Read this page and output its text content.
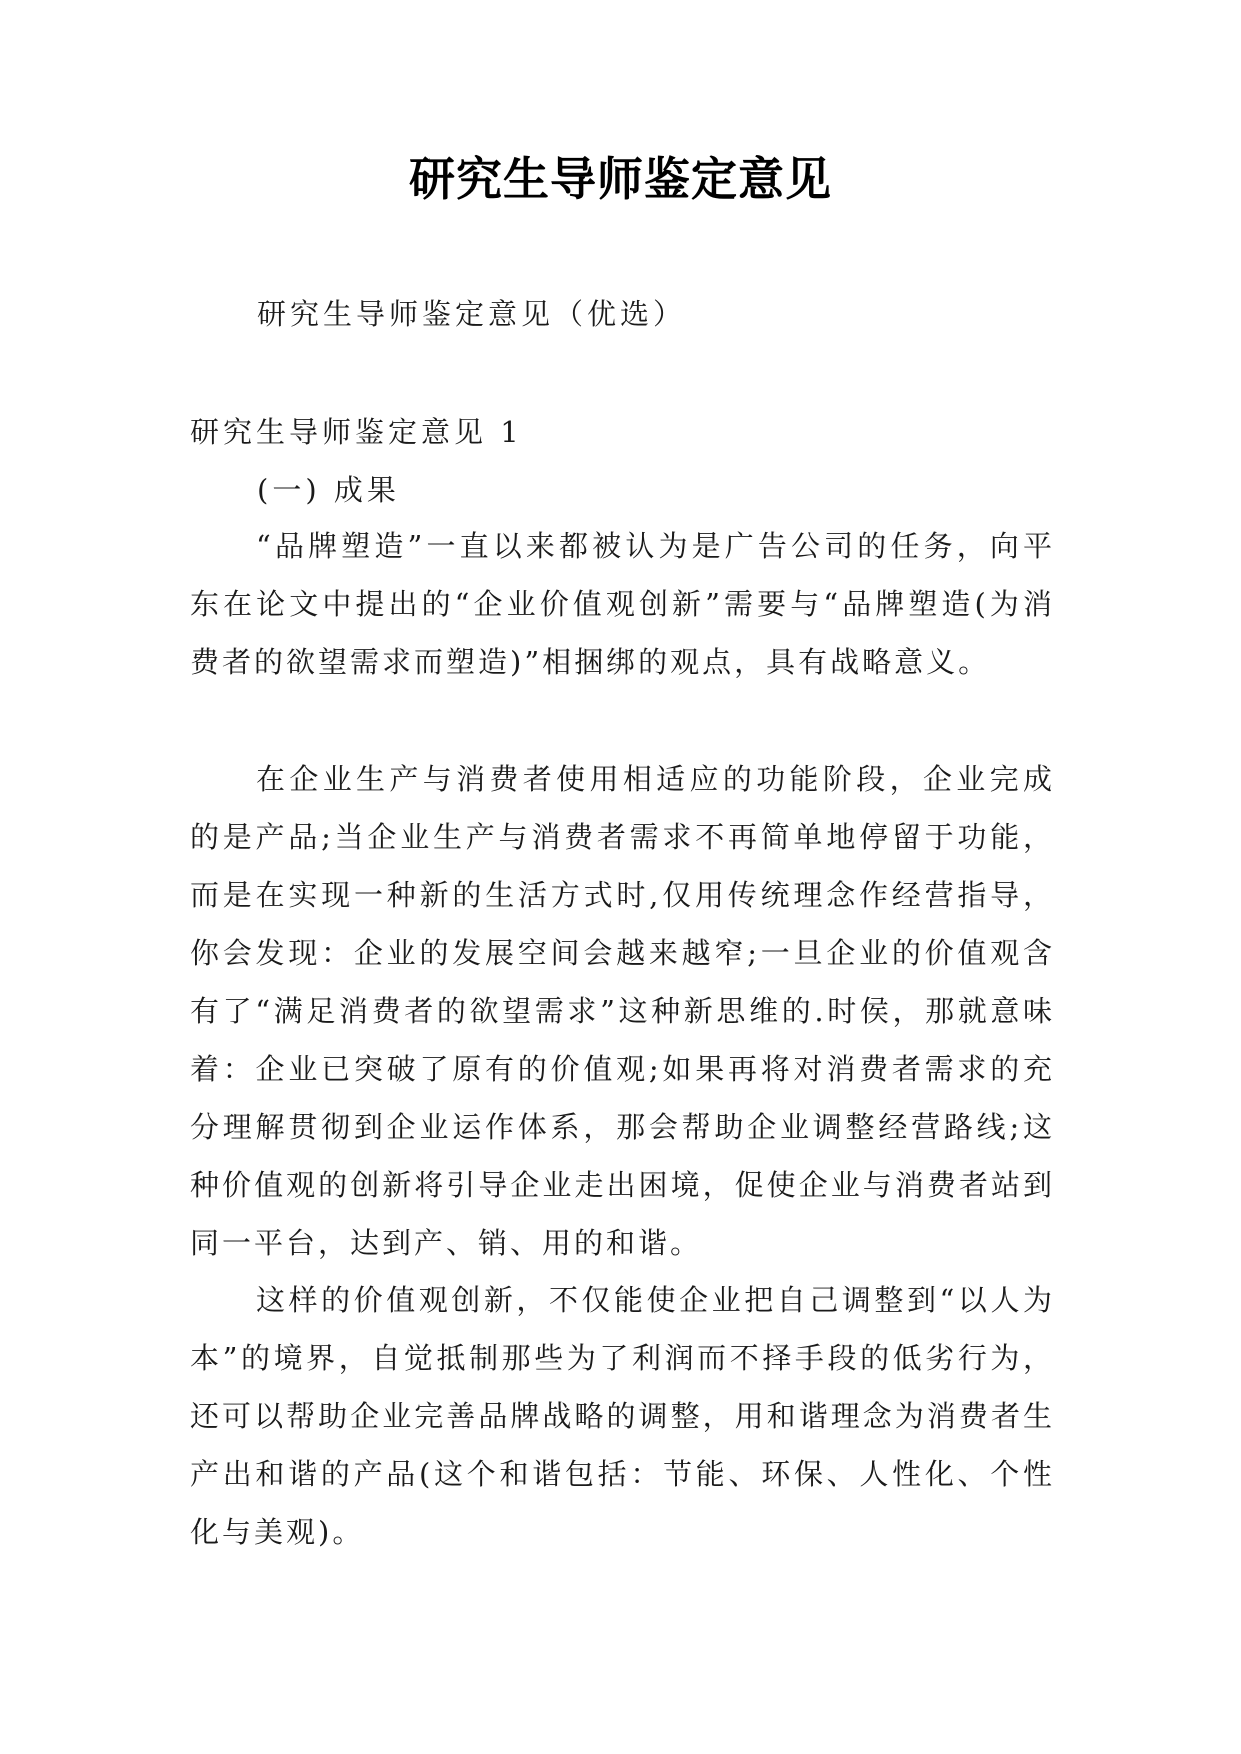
研究生导师鉴定意见
研究生导师鉴定意见（优选）
研究生导师鉴定意见 1
(一) 成果
“品牌塑造”一直以来都被认为是广告公司的任务，向平东在论文中提出的“企业价值观创新”需要与“品牌塑造(为消费者的欲望需求而塑造)”相捆绑的观点，具有战略意义。
在企业生产与消费者使用相适应的功能阶段，企业完成的是产品;当企业生产与消费者需求不再简单地停留于功能，而是在实现一种新的生活方式时,仅用传统理念作经营指导，你会发现：企业的发展空间会越来越窄;一旦企业的价值观含有了“满足消费者的欲望需求”这种新思维的.时侯，那就意味着：企业已突破了原有的价值观;如果再将对消费者需求的充分理解贯彻到企业运作体系，那会帮助企业调整经营路线;这种价值观的创新将引导企业走出困境，促使企业与消费者站到同一平台，达到产、销、用的和谐。
这样的价值观创新，不仅能使企业把自己调整到“以人为本”的境界，自觉抵制那些为了利润而不择手段的低劣行为，还可以帮助企业完善品牌战略的调整，用和谐理念为消费者生产出和谐的产品(这个和谐包括：节能、环保、人性化、个性化与美观)。
